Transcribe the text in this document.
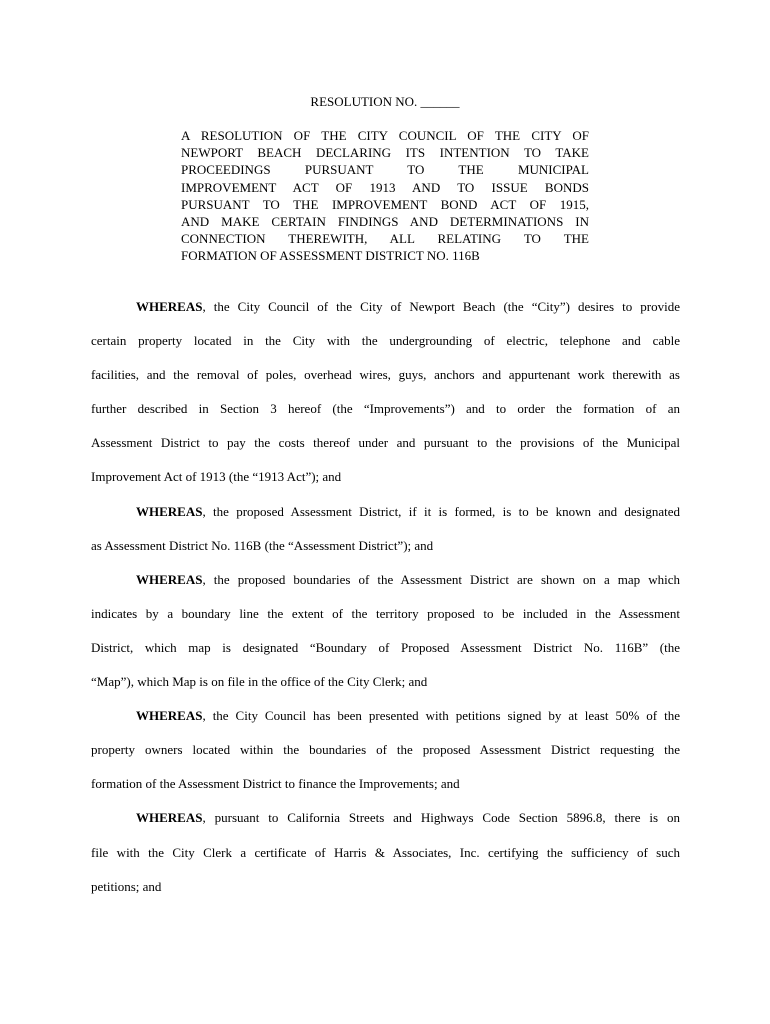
RESOLUTION NO. ______
A RESOLUTION OF THE CITY COUNCIL OF THE CITY OF
NEWPORT BEACH DECLARING ITS INTENTION TO TAKE
PROCEEDINGS PURSUANT TO THE MUNICIPAL
IMPROVEMENT ACT OF 1913 AND TO ISSUE BONDS
PURSUANT TO THE IMPROVEMENT BOND ACT OF 1915,
AND MAKE CERTAIN FINDINGS AND DETERMINATIONS IN
CONNECTION THEREWITH, ALL RELATING TO THE
FORMATION OF ASSESSMENT DISTRICT NO. 116B
WHEREAS, the City Council of the City of Newport Beach (the “City”) desires to provide
certain property located in the City with the undergrounding of electric, telephone and cable
facilities, and the removal of poles, overhead wires, guys, anchors and appurtenant work therewith as
further described in Section 3 hereof (the “Improvements”) and to order the formation of an
Assessment District to pay the costs thereof under and pursuant to the provisions of the Municipal
Improvement Act of 1913 (the “1913 Act”); and
WHEREAS, the proposed Assessment District, if it is formed, is to be known and designated
as Assessment District No. 116B (the “Assessment District”); and
WHEREAS, the proposed boundaries of the Assessment District are shown on a map which
indicates by a boundary line the extent of the territory proposed to be included in the Assessment
District, which map is designated “Boundary of Proposed Assessment District No. 116B” (the
“Map”), which Map is on file in the office of the City Clerk; and
WHEREAS, the City Council has been presented with petitions signed by at least 50% of the
property owners located within the boundaries of the proposed Assessment District requesting the
formation of the Assessment District to finance the Improvements; and
WHEREAS, pursuant to California Streets and Highways Code Section 5896.8, there is on
file with the City Clerk a certificate of Harris & Associates, Inc. certifying the sufficiency of such
petitions; and
